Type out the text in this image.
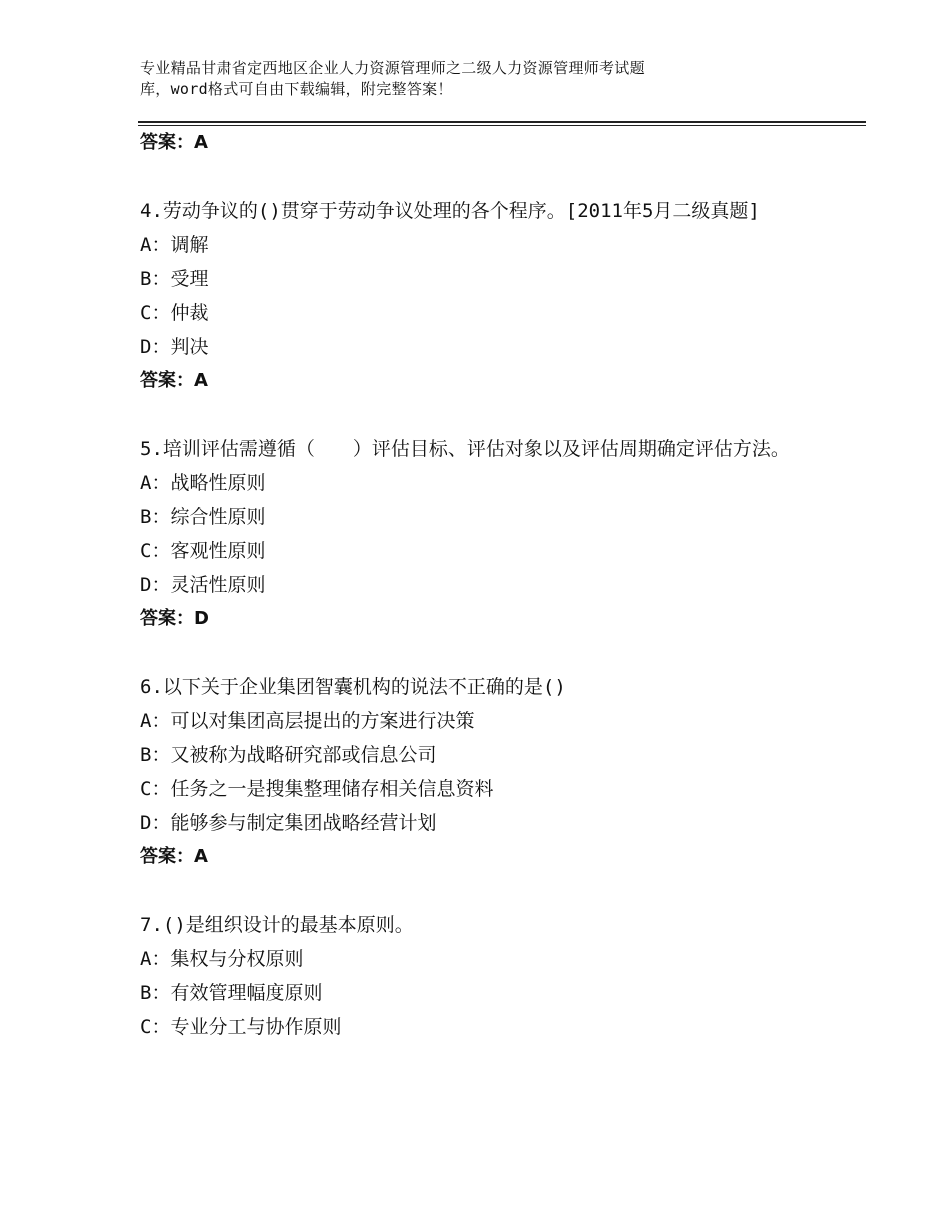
专业精品甘肃省定西地区企业人力资源管理师之二级人力资源管理师考试题
库，word格式可自由下载编辑，附完整答案！
答案：A
4.劳动争议的()贯穿于劳动争议处理的各个程序。[2011年5月二级真题]
A：调解
B：受理
C：仲裁
D：判决
答案：A
5.培训评估需遵循（　　）评估目标、评估对象以及评估周期确定评估方法。
A：战略性原则
B：综合性原则
C：客观性原则
D：灵活性原则
答案：D
6.以下关于企业集团智囊机构的说法不正确的是()
A：可以对集团高层提出的方案进行决策
B：又被称为战略研究部或信息公司
C：任务之一是搜集整理储存相关信息资料
D：能够参与制定集团战略经营计划
答案：A
7.()是组织设计的最基本原则。
A：集权与分权原则
B：有效管理幅度原则
C：专业分工与协作原则
